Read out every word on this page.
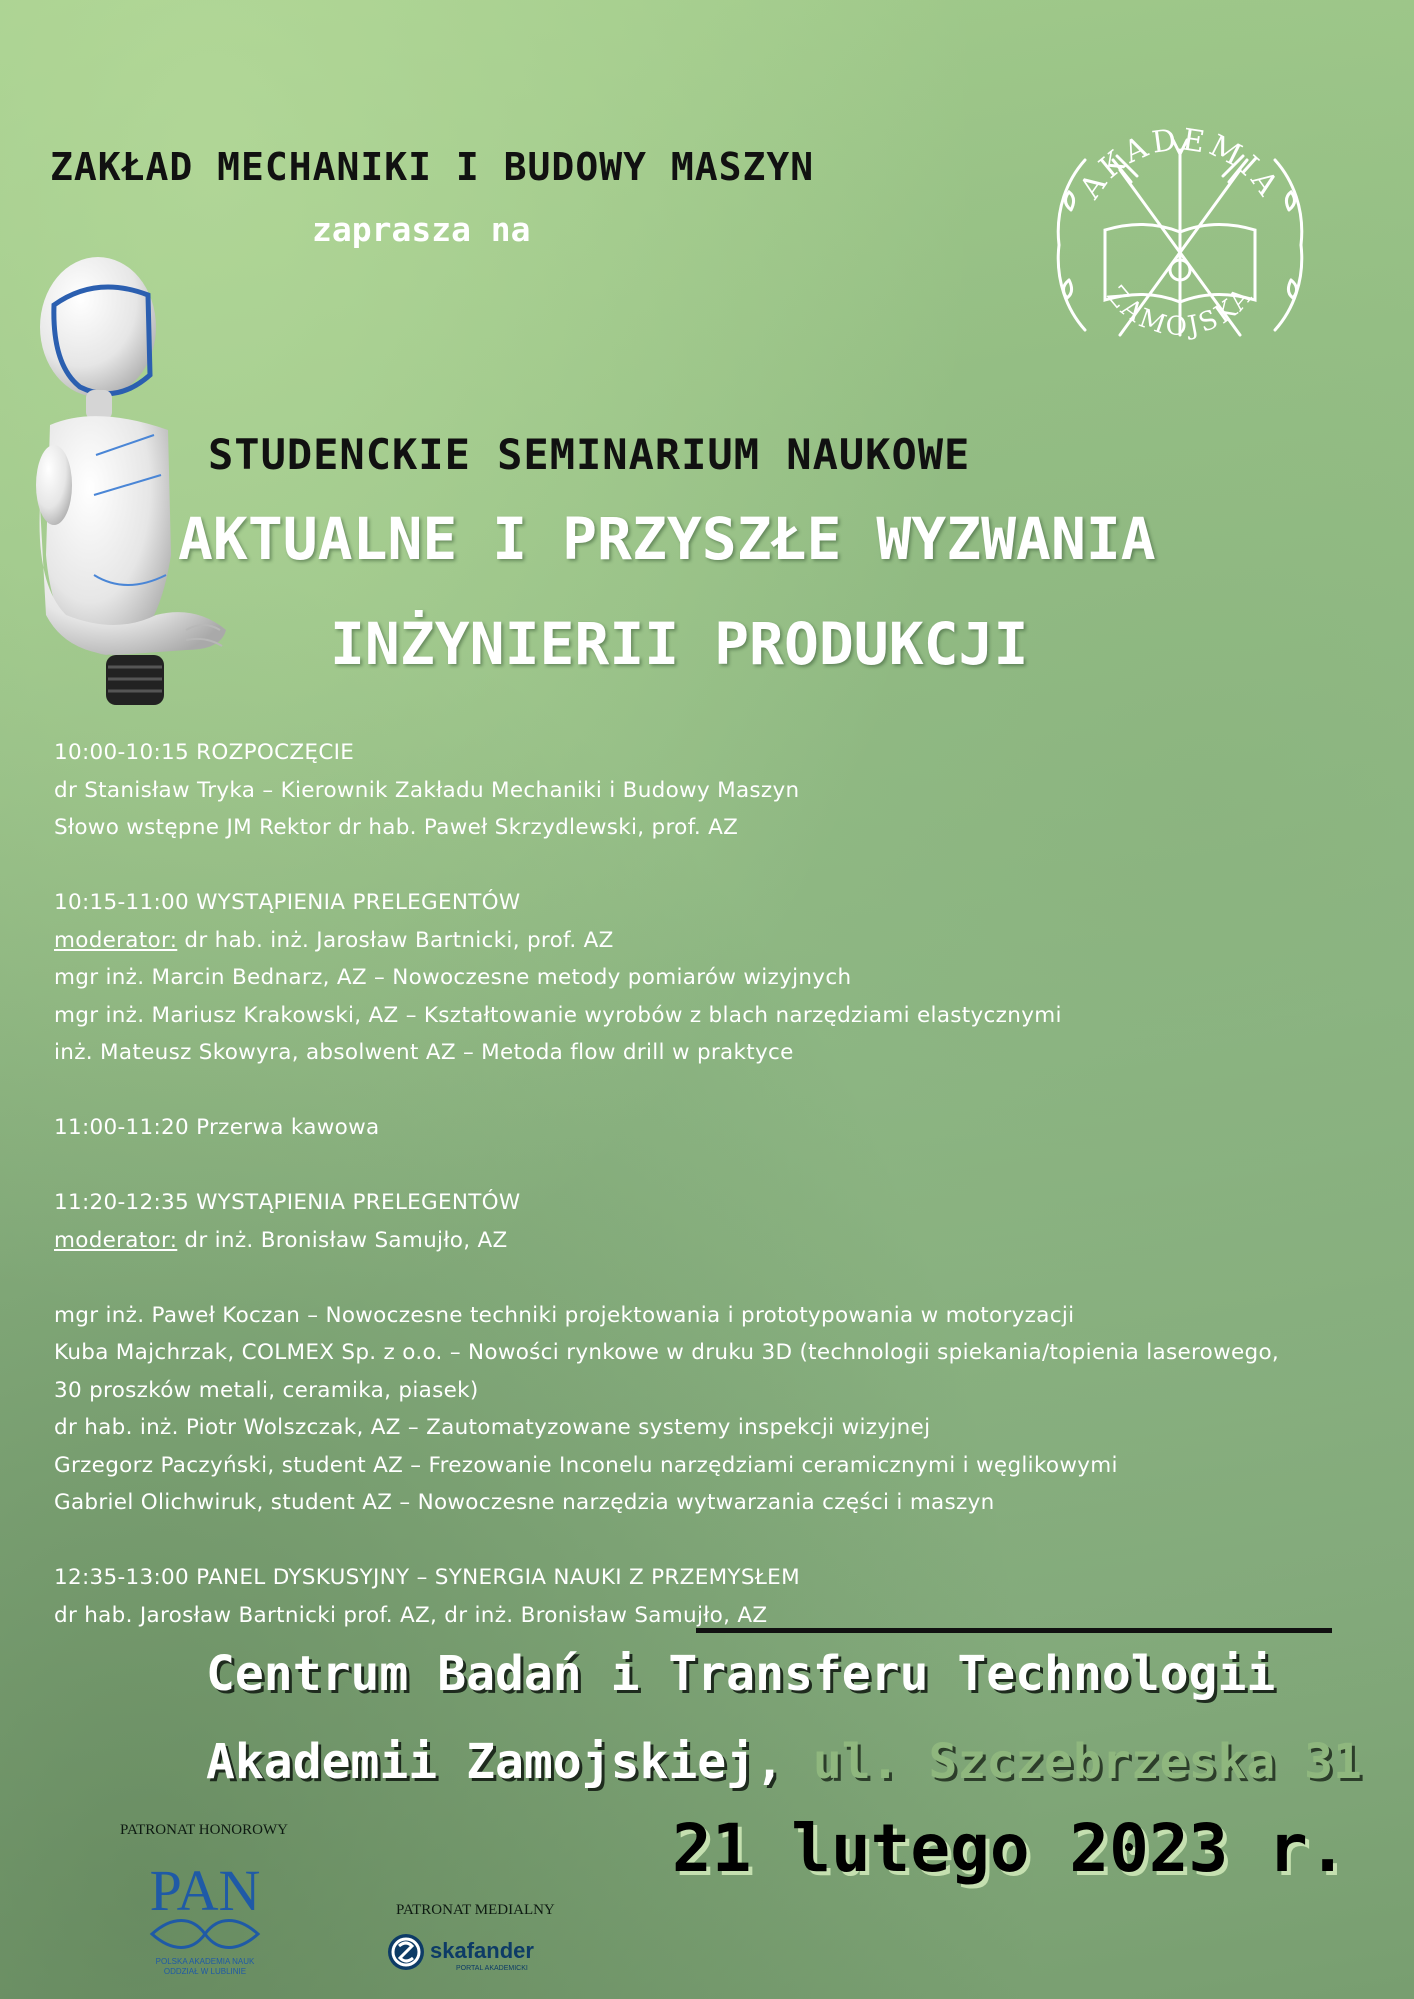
ZAKŁAD MECHANIKI I BUDOWY MASZYN
zaprasza na
AKADEMIA
ZAMOJSKA
STUDENCKIE SEMINARIUM NAUKOWE
AKTUALNE I PRZYSZŁE WYZWANIA
INŻYNIERII PRODUKCJI
10:00-10:15 ROZPOCZĘCIE
dr Stanisław Tryka – Kierownik Zakładu Mechaniki i Budowy Maszyn
Słowo wstępne JM Rektor dr hab. Paweł Skrzydlewski, prof. AZ
10:15-11:00 WYSTĄPIENIA PRELEGENTÓW
moderator: dr hab. inż. Jarosław Bartnicki, prof. AZ
mgr inż. Marcin Bednarz, AZ – Nowoczesne metody pomiarów wizyjnych
mgr inż. Mariusz Krakowski, AZ – Kształtowanie wyrobów z blach narzędziami elastycznymi
inż. Mateusz Skowyra, absolwent AZ – Metoda flow drill w praktyce
11:00-11:20 Przerwa kawowa
11:20-12:35 WYSTĄPIENIA PRELEGENTÓW
moderator: dr inż. Bronisław Samujło, AZ
mgr inż. Paweł Koczan – Nowoczesne techniki projektowania i prototypowania w motoryzacji
Kuba Majchrzak, COLMEX Sp. z o.o. – Nowości rynkowe w druku 3D (technologii spiekania/topienia laserowego,
30 proszków metali, ceramika, piasek)
dr hab. inż. Piotr Wolszczak, AZ – Zautomatyzowane systemy inspekcji wizyjnej
Grzegorz Paczyński, student AZ – Frezowanie Inconelu narzędziami ceramicznymi i węglikowymi
Gabriel Olichwiruk, student AZ – Nowoczesne narzędzia wytwarzania części i maszyn
12:35-13:00 PANEL DYSKUSYJNY – SYNERGIA NAUKI Z PRZEMYSŁEM
dr hab. Jarosław Bartnicki prof. AZ, dr inż. Bronisław Samujło, AZ
Centrum Badań i Transferu Technologii
Akademii Zamojskiej, ul. Szczebrzeska 31
21 lutego 2023 r.
PATRONAT HONOROWY
PAN
POLSKA AKADEMIA NAUK
ODDZIAŁ W LUBLINIE
PATRONAT MEDIALNY
skafander
PORTAL AKADEMICKI
